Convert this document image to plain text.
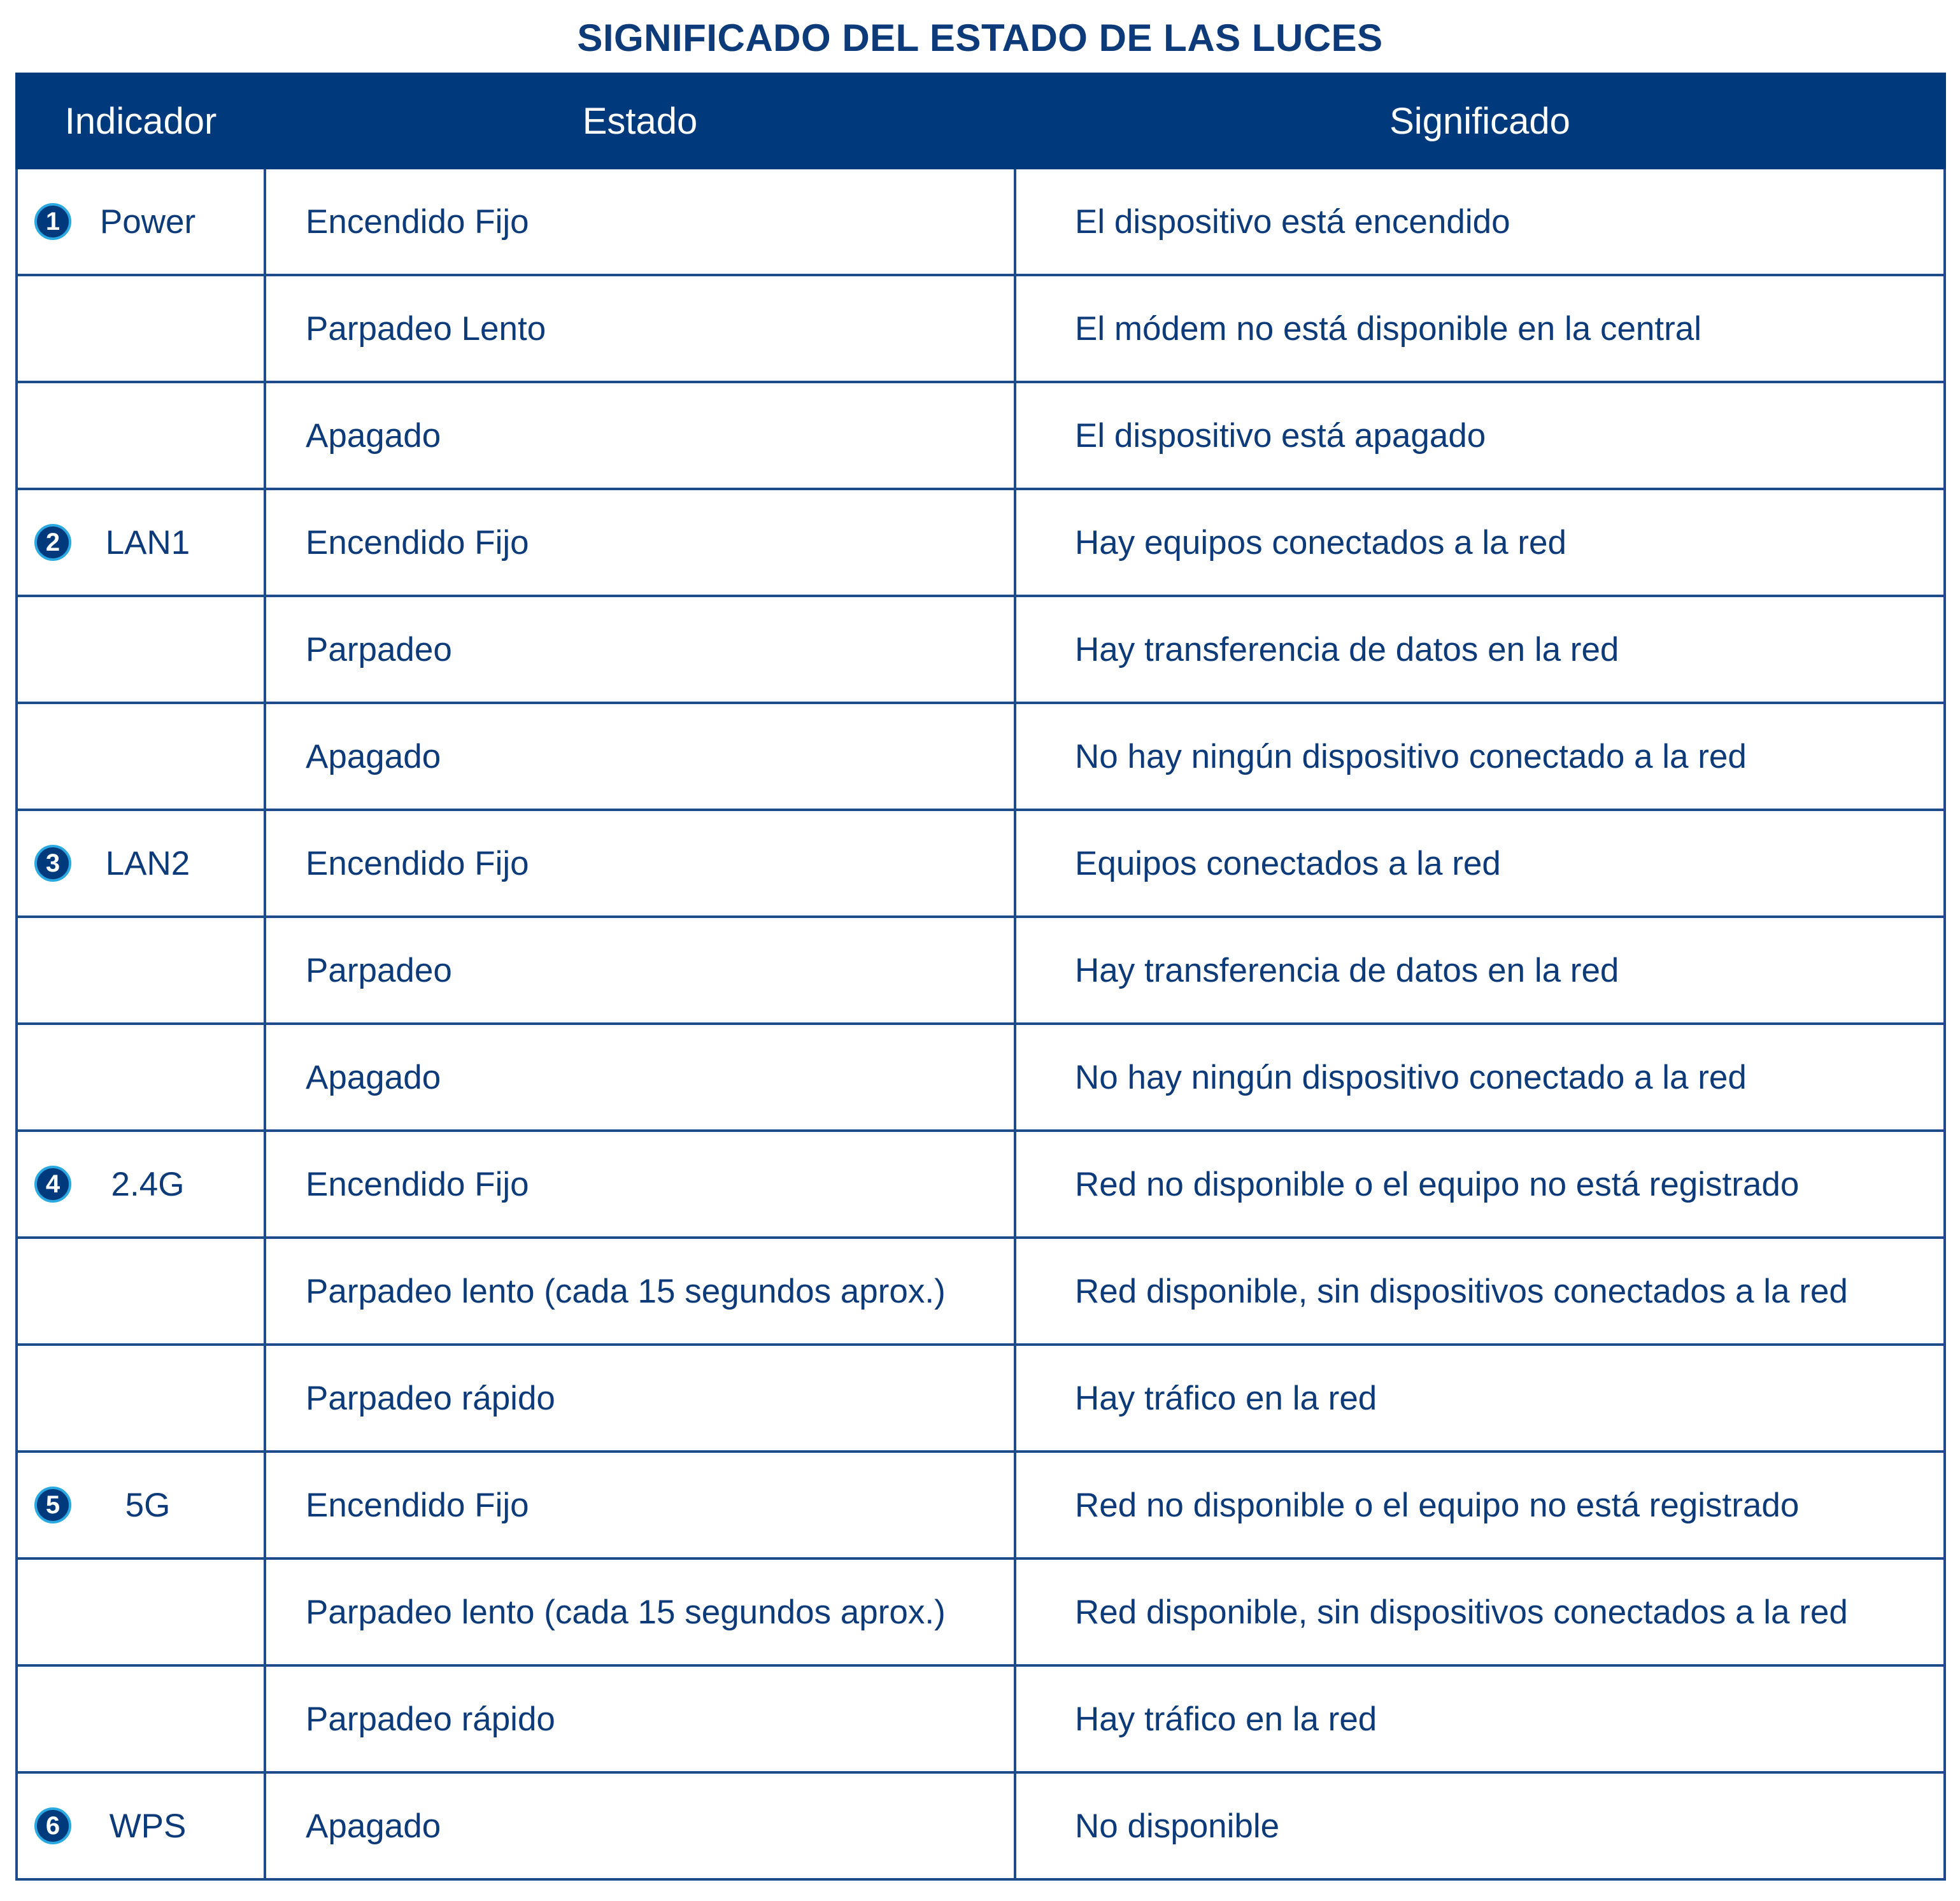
SIGNIFICADO DEL ESTADO DE LAS LUCES
Indicador	Estado	Significado

1 Power	Encendido Fijo	El dispositivo está encendido
	Parpadeo Lento	El módem no está disponible en la central
	Apagado	El dispositivo está apagado

2 LAN1	Encendido Fijo	Hay equipos conectados a la red
	Parpadeo	Hay transferencia de datos en la red
	Apagado	No hay ningún dispositivo conectado a la red

3 LAN2	Encendido Fijo	Equipos conectados a la red
	Parpadeo	Hay transferencia de datos en la red
	Apagado	No hay ningún dispositivo conectado a la red

4 2.4G	Encendido Fijo	Red no disponible o el equipo no está registrado
	Parpadeo lento (cada 15 segundos aprox.)	Red disponible, sin dispositivos conectados a la red
	Parpadeo rápido	Hay tráfico en la red

5 5G	Encendido Fijo	Red no disponible o el equipo no está registrado
	Parpadeo lento (cada 15 segundos aprox.)	Red disponible, sin dispositivos conectados a la red
	Parpadeo rápido	Hay tráfico en la red

6 WPS	Apagado	No disponible
